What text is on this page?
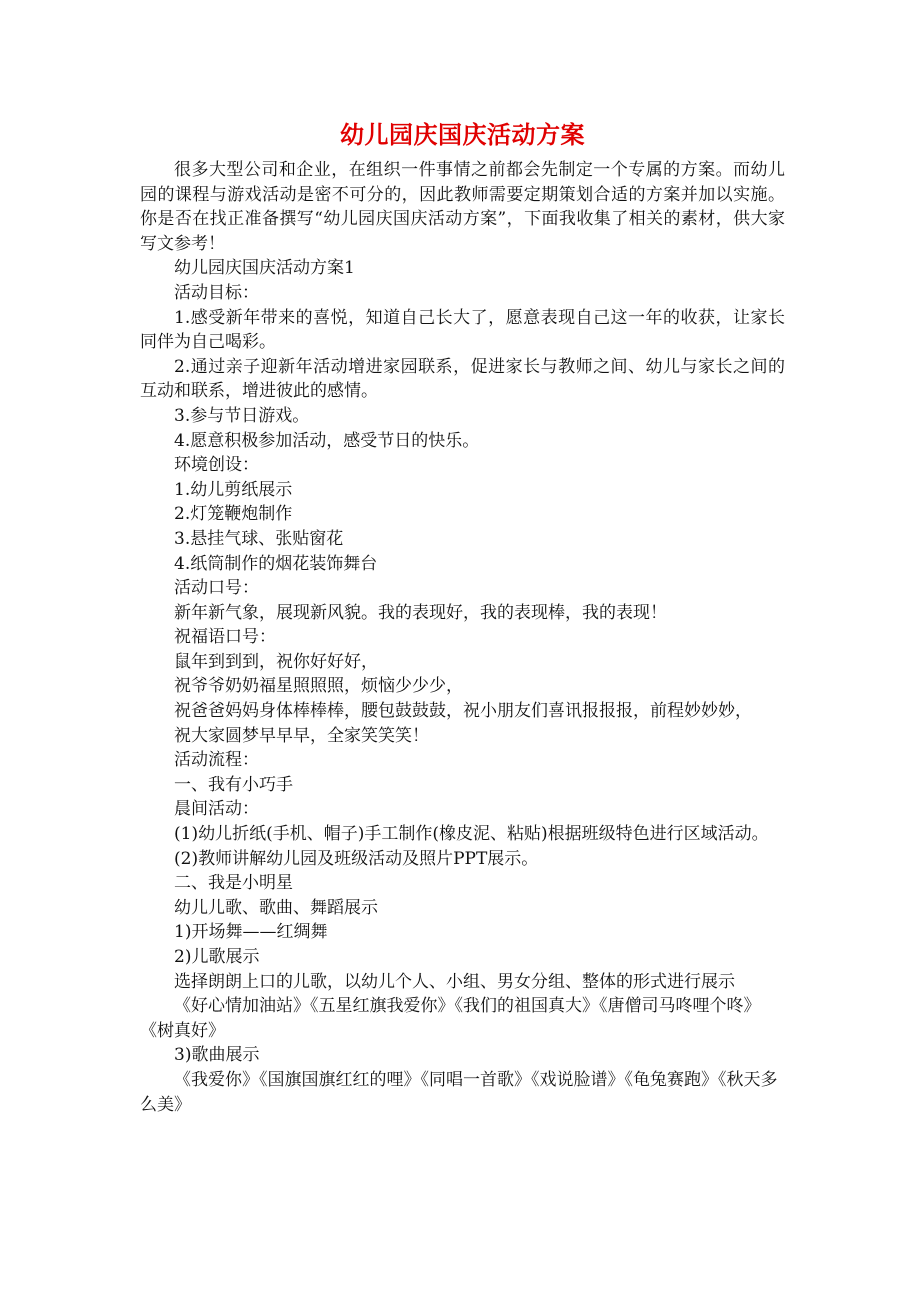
幼儿园庆国庆活动方案

很多大型公司和企业，在组织一件事情之前都会先制定一个专属的方案。而幼儿园的课程与游戏活动是密不可分的，因此教师需要定期策划合适的方案并加以实施。你是否在找正准备撰写“幼儿园庆国庆活动方案”，下面我收集了相关的素材，供大家写文参考！

幼儿园庆国庆活动方案1

活动目标：

1.感受新年带来的喜悦，知道自己长大了，愿意表现自己这一年的收获，让家长同伴为自己喝彩。

2.通过亲子迎新年活动增进家园联系，促进家长与教师之间、幼儿与家长之间的互动和联系，增进彼此的感情。

3.参与节日游戏。

4.愿意积极参加活动，感受节日的快乐。

环境创设：

1.幼儿剪纸展示

2.灯笼鞭炮制作

3.悬挂气球、张贴窗花

4.纸筒制作的烟花装饰舞台

活动口号：

新年新气象，展现新风貌。我的表现好，我的表现棒，我的表现！

祝福语口号：

鼠年到到到，祝你好好好，

祝爷爷奶奶福星照照照，烦恼少少少，

祝爸爸妈妈身体棒棒棒，腰包鼓鼓鼓，祝小朋友们喜讯报报报，前程妙妙妙，

祝大家圆梦早早早，全家笑笑笑！

活动流程：

一、我有小巧手

晨间活动：

(1)幼儿折纸(手机、帽子)手工制作(橡皮泥、粘贴)根据班级特色进行区域活动。

(2)教师讲解幼儿园及班级活动及照片PPT展示。

二、我是小明星

幼儿儿歌、歌曲、舞蹈展示

1)开场舞——红绸舞

2)儿歌展示

选择朗朗上口的儿歌，以幼儿个人、小组、男女分组、整体的形式进行展示

《好心情加油站》《五星红旗我爱你》《我们的祖国真大》《唐僧司马咚哩个咚》《树真好》

3)歌曲展示

《我爱你》《国旗国旗红红的哩》《同唱一首歌》《戏说脸谱》《龟兔赛跑》《秋天多么美》
